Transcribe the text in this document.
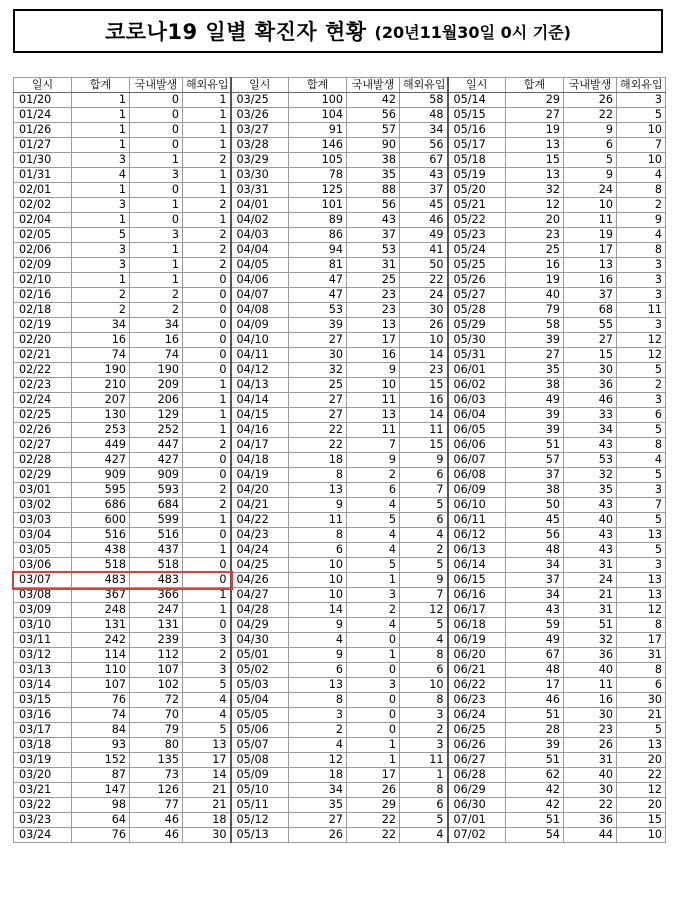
코로나19 일별 확진자 현황 (20년11월30일 0시 기준)
일시	합계	국내발생	해외유입	일시	합계	국내발생	해외유입	일시	합계	국내발생	해외유입
01/20	1	0	1	03/25	100	42	58	05/14	29	26	3
01/24	1	0	1	03/26	104	56	48	05/15	27	22	5
01/26	1	0	1	03/27	91	57	34	05/16	19	9	10
01/27	1	0	1	03/28	146	90	56	05/17	13	6	7
01/30	3	1	2	03/29	105	38	67	05/18	15	5	10
01/31	4	3	1	03/30	78	35	43	05/19	13	9	4
02/01	1	0	1	03/31	125	88	37	05/20	32	24	8
02/02	3	1	2	04/01	101	56	45	05/21	12	10	2
02/04	1	0	1	04/02	89	43	46	05/22	20	11	9
02/05	5	3	2	04/03	86	37	49	05/23	23	19	4
02/06	3	1	2	04/04	94	53	41	05/24	25	17	8
02/09	3	1	2	04/05	81	31	50	05/25	16	13	3
02/10	1	1	0	04/06	47	25	22	05/26	19	16	3
02/16	2	2	0	04/07	47	23	24	05/27	40	37	3
02/18	2	2	0	04/08	53	23	30	05/28	79	68	11
02/19	34	34	0	04/09	39	13	26	05/29	58	55	3
02/20	16	16	0	04/10	27	17	10	05/30	39	27	12
02/21	74	74	0	04/11	30	16	14	05/31	27	15	12
02/22	190	190	0	04/12	32	9	23	06/01	35	30	5
02/23	210	209	1	04/13	25	10	15	06/02	38	36	2
02/24	207	206	1	04/14	27	11	16	06/03	49	46	3
02/25	130	129	1	04/15	27	13	14	06/04	39	33	6
02/26	253	252	1	04/16	22	11	11	06/05	39	34	5
02/27	449	447	2	04/17	22	7	15	06/06	51	43	8
02/28	427	427	0	04/18	18	9	9	06/07	57	53	4
02/29	909	909	0	04/19	8	2	6	06/08	37	32	5
03/01	595	593	2	04/20	13	6	7	06/09	38	35	3
03/02	686	684	2	04/21	9	4	5	06/10	50	43	7
03/03	600	599	1	04/22	11	5	6	06/11	45	40	5
03/04	516	516	0	04/23	8	4	4	06/12	56	43	13
03/05	438	437	1	04/24	6	4	2	06/13	48	43	5
03/06	518	518	0	04/25	10	5	5	06/14	34	31	3
03/07	483	483	0	04/26	10	1	9	06/15	37	24	13
03/08	367	366	1	04/27	10	3	7	06/16	34	21	13
03/09	248	247	1	04/28	14	2	12	06/17	43	31	12
03/10	131	131	0	04/29	9	4	5	06/18	59	51	8
03/11	242	239	3	04/30	4	0	4	06/19	49	32	17
03/12	114	112	2	05/01	9	1	8	06/20	67	36	31
03/13	110	107	3	05/02	6	0	6	06/21	48	40	8
03/14	107	102	5	05/03	13	3	10	06/22	17	11	6
03/15	76	72	4	05/04	8	0	8	06/23	46	16	30
03/16	74	70	4	05/05	3	0	3	06/24	51	30	21
03/17	84	79	5	05/06	2	0	2	06/25	28	23	5
03/18	93	80	13	05/07	4	1	3	06/26	39	26	13
03/19	152	135	17	05/08	12	1	11	06/27	51	31	20
03/20	87	73	14	05/09	18	17	1	06/28	62	40	22
03/21	147	126	21	05/10	34	26	8	06/29	42	30	12
03/22	98	77	21	05/11	35	29	6	06/30	42	22	20
03/23	64	46	18	05/12	27	22	5	07/01	51	36	15
03/24	76	46	30	05/13	26	22	4	07/02	54	44	10
